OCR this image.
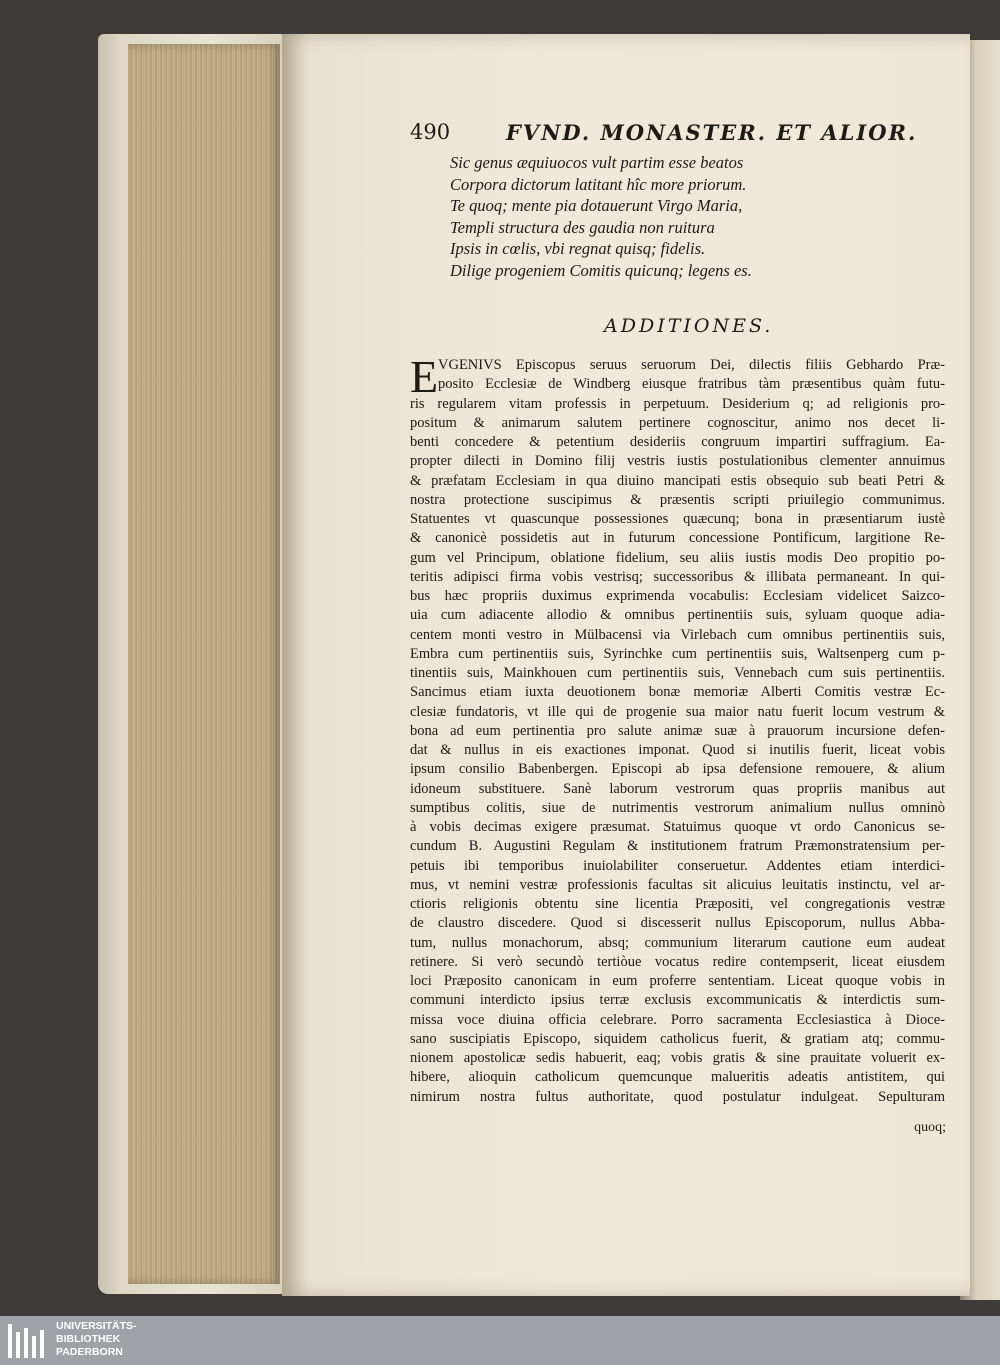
490	FVND. MONASTER. ET ALIOR.
Sic genus æquiuocos vult partim esse beatos
Corpora dictorum latitant hîc more priorum.
Te quoq; mente pia dotauerunt Virgo Maria,
Templi structura des gaudia non ruitura
Ipsis in cœlis, vbi regnat quisq; fidelis.
Dilige progeniem Comitis quicunq; legens es.
ADDITIONES.
E VGENIVS Episcopus seruus seruorum Dei, dilectis filiis Gebhardo Præ-
posito Ecclesiæ de Windberg eiusque fratribus tàm præsentibus quàm futu-
ris regularem vitam professis in perpetuum. Desiderium q; ad religionis pro-
positum & animarum salutem pertinere cognoscitur, animo nos decet li-
benti concedere & petentium desideriis congruum impartiri suffragium. Ea-
propter dilecti in Domino filij vestris iustis postulationibus clementer annuimus
& præfatam Ecclesiam in qua diuino mancipati estis obsequio sub beati Petri &
nostra protectione suscipimus & præsentis scripti priuilegio communimus.
Statuentes vt quascunque possessiones quæcunq; bona in præsentiarum iustè
& canonicè possidetis aut in futurum concessione Pontificum, largitione Re-
gum vel Principum, oblatione fidelium, seu aliis iustis modis Deo propitio po-
teritis adipisci firma vobis vestrisq; successoribus & illibata permaneant. In qui-
bus hæc propriis duximus exprimenda vocabulis: Ecclesiam videlicet Saizco-
uia cum adiacente allodio & omnibus pertinentiis suis, syluam quoque adia-
centem monti vestro in Mülbacensi via Virlebach cum omnibus pertinentiis suis,
Embra cum pertinentiis suis, Syrinchke cum pertinentiis suis, Waltsenperg cum p-
tinentiis suis, Mainkhouen cum pertinentiis suis, Vennebach cum suis pertinentiis.
Sancimus etiam iuxta deuotionem bonæ memoriæ Alberti Comitis vestræ Ec-
clesiæ fundatoris, vt ille qui de progenie sua maior natu fuerit locum vestrum &
bona ad eum pertinentia pro salute animæ suæ à prauorum incursione defen-
dat & nullus in eis exactiones imponat. Quod si inutilis fuerit, liceat vobis
ipsum consilio Babenbergen. Episcopi ab ipsa defensione remouere, & alium
idoneum substituere. Sanè laborum vestrorum quas propriis manibus aut
sumptibus colitis, siue de nutrimentis vestrorum animalium nullus omninò
à vobis decimas exigere præsumat. Statuimus quoque vt ordo Canonicus se-
cundum B. Augustini Regulam & institutionem fratrum Præmonstratensium per-
petuis ibi temporibus inuiolabiliter conseruetur. Addentes etiam interdici-
mus, vt nemini vestræ professionis facultas sit alicuius leuitatis instinctu, vel ar-
ctioris religionis obtentu sine licentia Præpositi, vel congregationis vestræ
de claustro discedere. Quod si discesserit nullus Episcoporum, nullus Abba-
tum, nullus monachorum, absq; communium literarum cautione eum audeat
retinere. Si verò secundò tertiòue vocatus redire contempserit, liceat eiusdem
loci Præposito canonicam in eum proferre sententiam. Liceat quoque vobis in
communi interdicto ipsius terræ exclusis excommunicatis & interdictis sum-
missa voce diuina officia celebrare. Porro sacramenta Ecclesiastica à Dioce-
sano suscipiatis Episcopo, siquidem catholicus fuerit, & gratiam atq; commu-
nionem apostolicæ sedis habuerit, eaq; vobis gratis & sine prauitate voluerit ex-
hibere, alioquin catholicum quemcunque malueritis adeatis antistitem, qui
nimirum nostra fultus authoritate, quod postulatur indulgeat. Sepulturam
quoq;
UNIVERSITÄTS-
BIBLIOTHEK
PADERBORN
